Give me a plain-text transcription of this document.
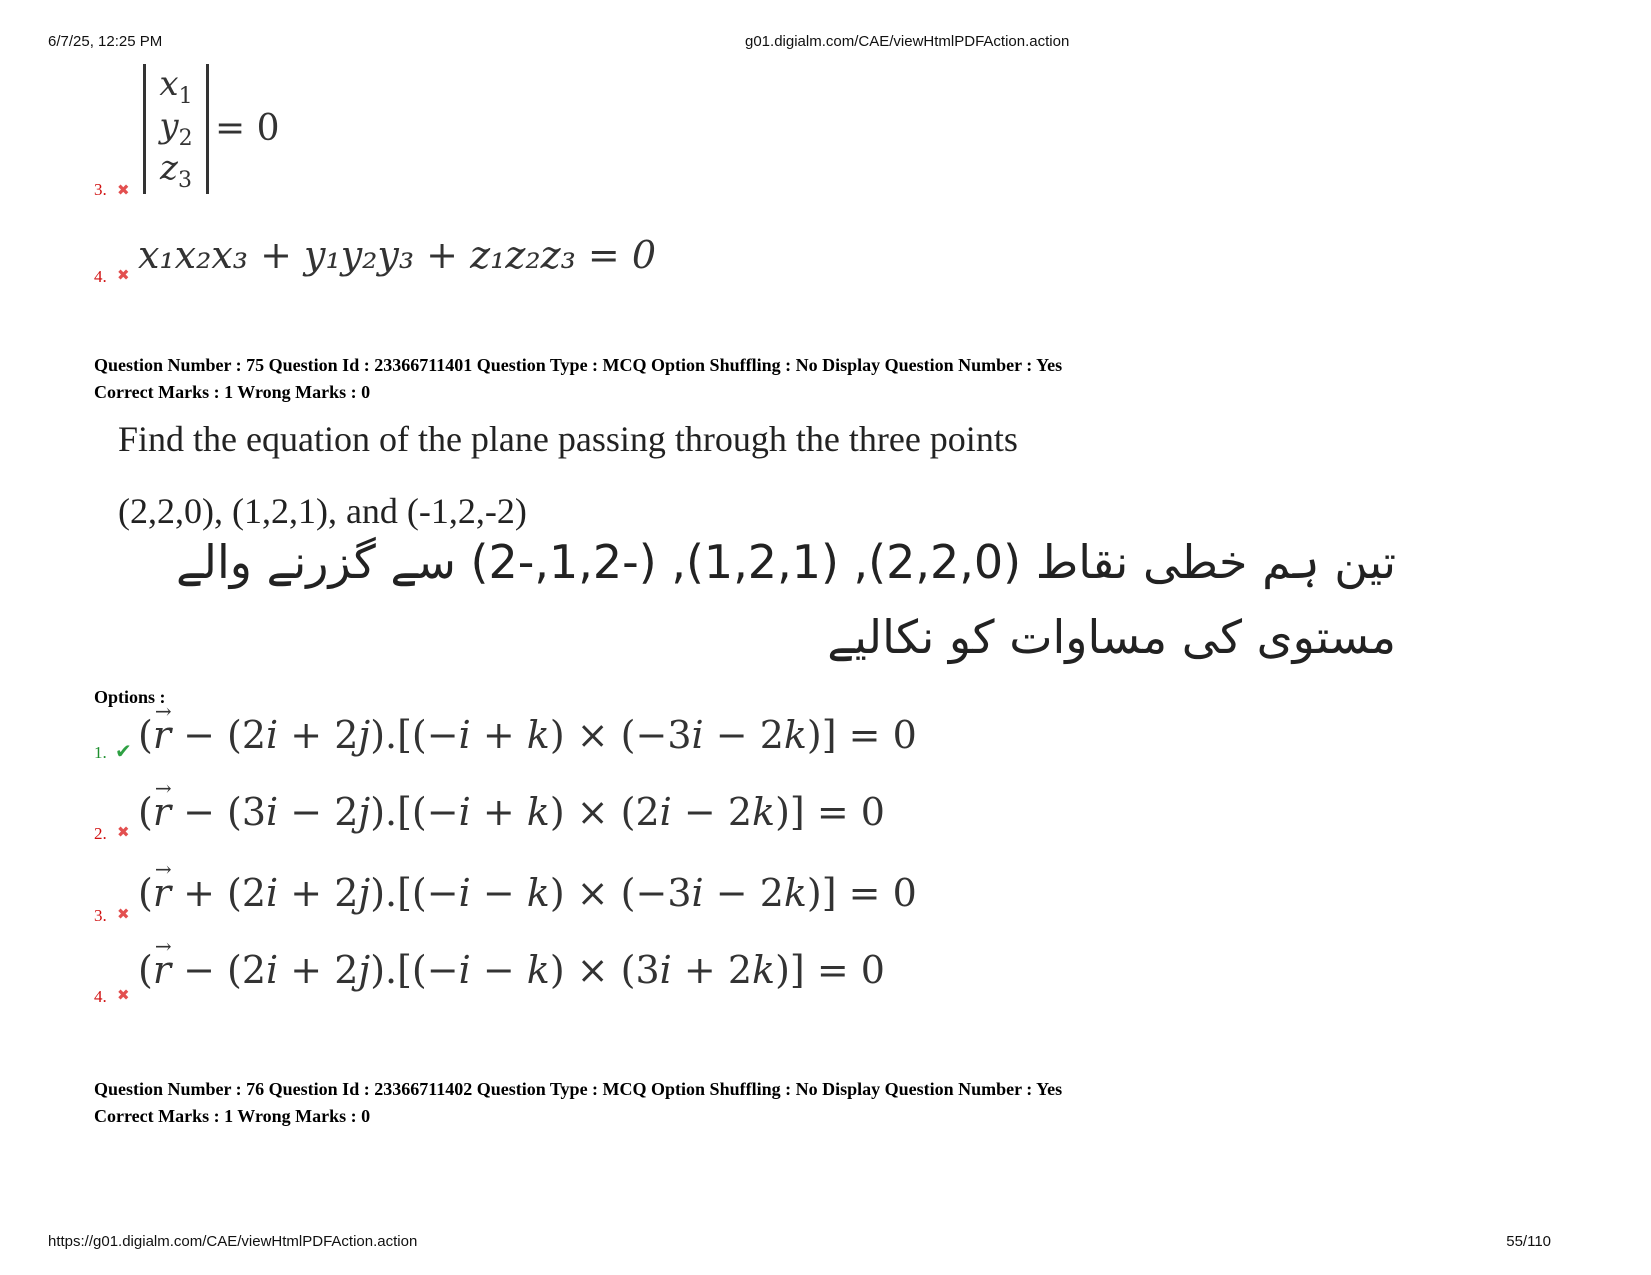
6/7/25, 12:25 PM	g01.digialm.com/CAE/viewHtmlPDFAction.action
https://g01.digialm.com/CAE/viewHtmlPDFAction.action	55/110
$x_1$
$y_2$
$z_3$
= 0
3. ✖
4. ✖ x₁x₂x₃ + y₁y₂y₃ + z₁z₂z₃ = 0
Question Number : 75 Question Id : 23366711401 Question Type : MCQ Option Shuffling : No Display Question Number : Yes
Correct Marks : 1 Wrong Marks : 0
Find the equation of the plane passing through the three points
(2,2,0), (1,2,1), and (-1,2,-2)
تین ہم خطی نقاط (2,2,0), (1,2,1), (-1,2,-2) سے گزرنے والے
مستوی کی مساوات کو نکالیے
Options :
1. ✔ (→ r − (2i + 2j).[(−i + k) × (−3i − 2k)] = 0
2. ✖ (→ r − (3i − 2j).[(−i + k) × (2i − 2k)] = 0
3. ✖ (→ r + (2i + 2j).[(−i − k) × (−3i − 2k)] = 0
4. ✖
(→ r − (2i + 2j).[(−i − k) × (3i + 2k)] = 0
Question Number : 76 Question Id : 23366711402 Question Type : MCQ Option Shuffling : No Display Question Number : Yes
Correct Marks : 1 Wrong Marks : 0
